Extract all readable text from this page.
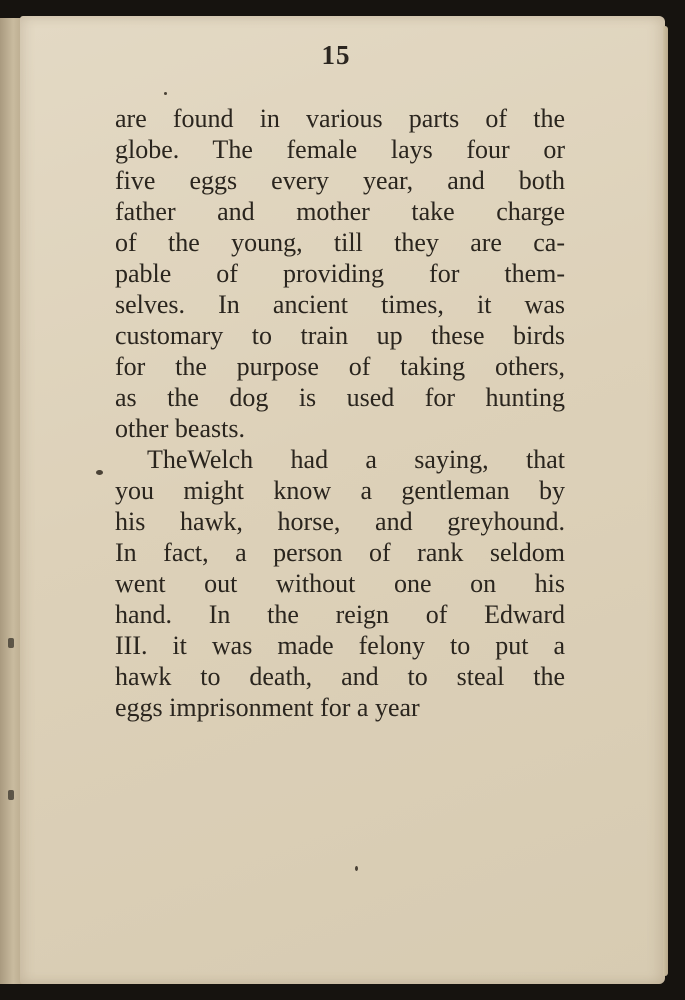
15
are found in various parts of the
globe. The female lays four or
five eggs every year, and both
father and mother take charge
of the young, till they are ca-
pable of providing for them-
selves. In ancient times, it was
customary to train up these birds
for the purpose of taking others,
as the dog is used for hunting
other beasts.
TheWelch had a saying, that
you might know a gentleman by
his hawk, horse, and greyhound.
In fact, a person of rank seldom
went out without one on his
hand. In the reign of Edward
III. it was made felony to put a
hawk to death, and to steal the
eggs imprisonment for a year
